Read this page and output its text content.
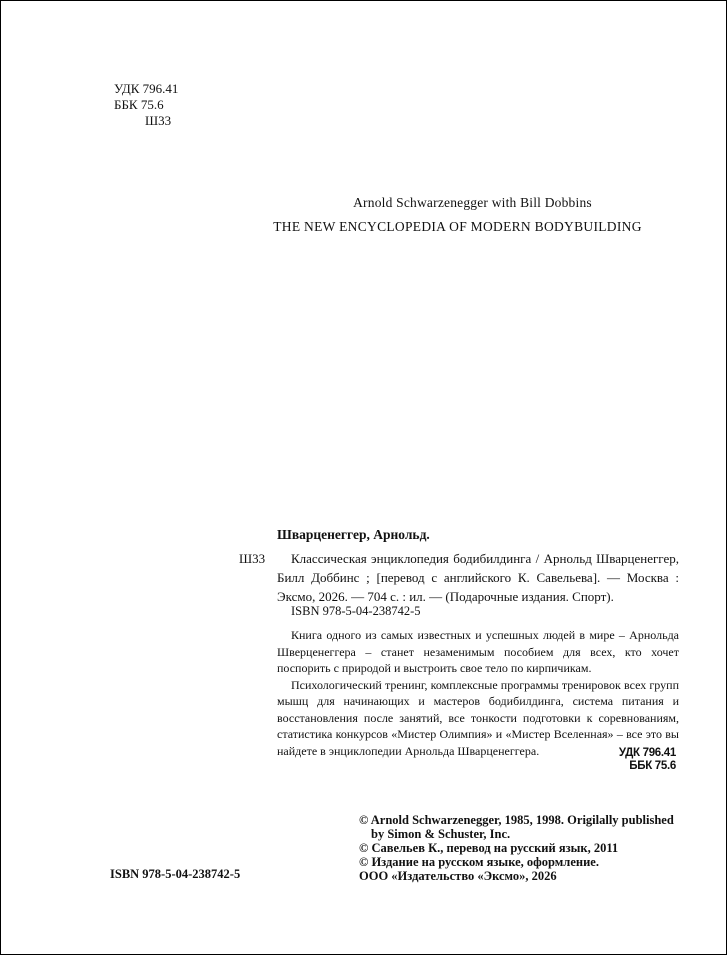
УДК 796.41
ББК 75.6
Ш33
Arnold Schwarzenegger with Bill Dobbins
THE NEW ENCYCLOPEDIA OF MODERN BODYBUILDING
Шварценеггер, Арнольд.
Ш33	Классическая энциклопедия бодибилдинга / Арнольд Шварценеггер, Билл Доббинс ; [перевод с английского К. Савельева]. — Москва : Эксмо, 2026. — 704 с. : ил. — (Подарочные издания. Спорт).
ISBN 978-5-04-238742-5

Книга одного из самых известных и успешных людей в мире – Арнольда Шверценеггера – станет незаменимым пособием для всех, кто хочет поспорить с природой и выстроить свое тело по кирпичикам.

Психологический тренинг, комплексные программы тренировок всех групп мышц для начинающих и мастеров бодибилдинга, система питания и восстановления после занятий, все тонкости подготовки к соревнованиям, статистика конкурсов «Мистер Олимпия» и «Мистер Вселенная» – все это вы найдете в энциклопедии Арнольда Шварценеггера.	УДК 796.41
ББК 75.6
© Arnold Schwarzenegger, 1985, 1998. Origilally published by Simon & Schuster, Inc.
© Савельев К., перевод на русский язык, 2011
© Издание на русском языке, оформление.
ООО «Издательство «Эксмо», 2026
ISBN 978-5-04-238742-5
